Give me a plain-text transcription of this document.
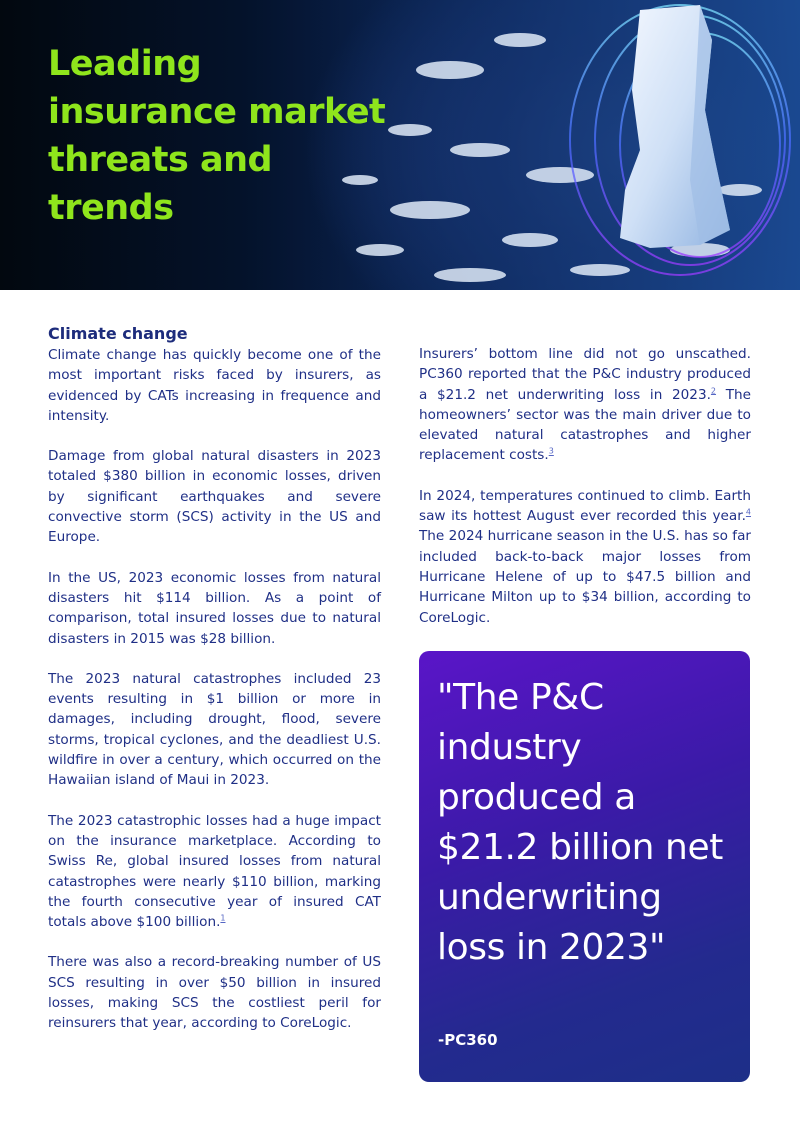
Leading insurance market threats and trends
Climate change

Climate change has quickly become one of the most important risks faced by insurers, as evidenced by CATs increasing in frequence and intensity.

Damage from global natural disasters in 2023 totaled $380 billion in economic losses, driven by significant earthquakes and severe convective storm (SCS) activity in the US and Europe.

In the US, 2023 economic losses from natural disasters hit $114 billion. As a point of comparison, total insured losses due to natural disasters in 2015 was $28 billion.

The 2023 natural catastrophes included 23 events resulting in $1 billion or more in damages, including drought, flood, severe storms, tropical cyclones, and the deadliest U.S. wildfire in over a century, which occurred on the Hawaiian island of Maui in 2023.

The 2023 catastrophic losses had a huge impact on the insurance marketplace. According to Swiss Re, global insured losses from natural catastrophes were nearly $110 billion, marking the fourth consecutive year of insured CAT totals above $100 billion.$^1$

There was also a record-breaking number of US SCS resulting in over $50 billion in insured losses, making SCS the costliest peril for reinsurers that year, according to CoreLogic.

Insurers’ bottom line did not go unscathed. PC360 reported that the P&C industry produced a $21.2 net underwriting loss in 2023.$^2$ The homeowners’ sector was the main driver due to elevated natural catastrophes and higher replacement costs.$^3$

In 2024, temperatures continued to climb. Earth saw its hottest August ever recorded this year.$^4$ The 2024 hurricane season in the U.S. has so far included back-to-back major losses from Hurricane Helene of up to $47.5 billion and Hurricane Milton up to $34 billion, according to CoreLogic.

"The P&C industry produced a $21.2 billion net underwriting loss in 2023"

-PC360
